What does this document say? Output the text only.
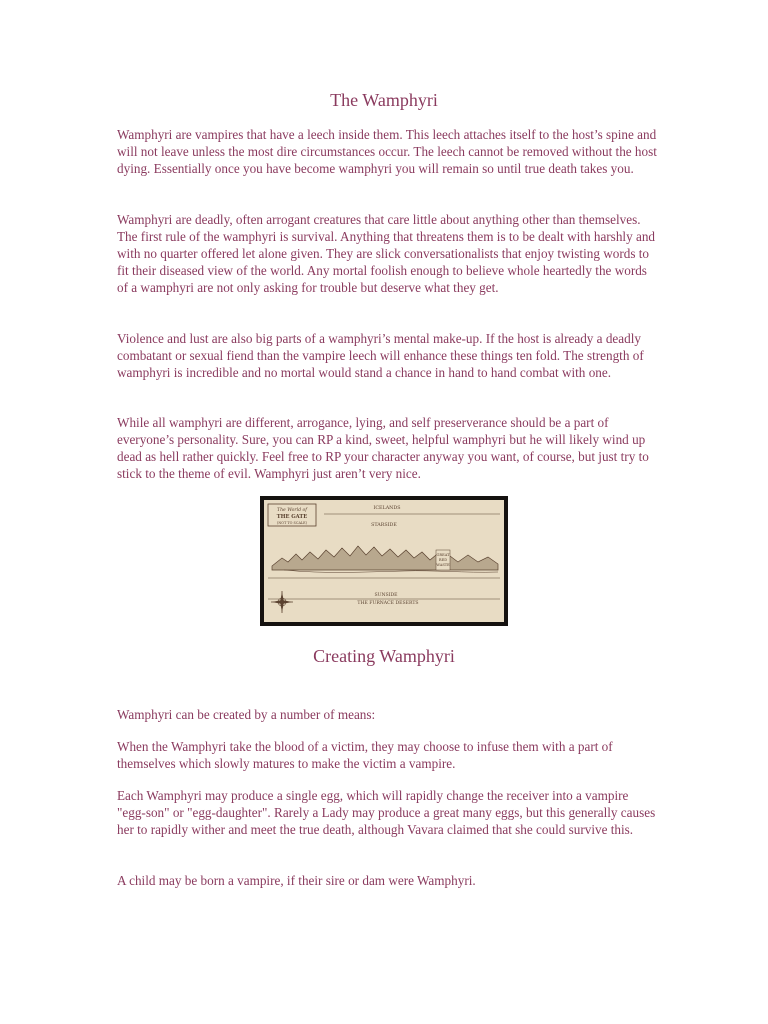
The Wamphyri

Wamphyri are vampires that have a leech inside them. This leech attaches itself to the host’s spine and will not leave unless the most dire circumstances occur. The leech cannot be removed without the host dying. Essentially once you have become wamphyri you will remain so until true death takes you.

Wamphyri are deadly, often arrogant creatures that care little about anything other than themselves. The first rule of the wamphyri is survival. Anything that threatens them is to be dealt with harshly and with no quarter offered let alone given. They are slick conversationalists that enjoy twisting words to fit their diseased view of the world. Any mortal foolish enough to believe whole heartedly the words of a wamphyri are not only asking for trouble but deserve what they get.

Violence and lust are also big parts of a wamphyri’s mental make-up. If the host is already a deadly combatant or sexual fiend than the vampire leech will enhance these things ten fold. The strength of wamphyri is incredible and no mortal would stand a chance in hand to hand combat with one.

While all wamphyri are different, arrogance, lying, and self preserverance should be a part of everyone’s personality. Sure, you can RP a kind, sweet, helpful wamphyri but he will likely wind up dead as hell rather quickly. Feel free to RP your character anyway you want, of course, but just try to stick to the theme of evil. Wamphyri just aren’t very nice.

The World of
THE GATE
(NOT TO SCALE)
ICELANDS
STARSIDE
SUNSIDE
THE FURNACE DESERTS
GREAT
RED
WASTE
Creating Wamphyri

Wamphyri can be created by a number of means:

When the Wamphyri take the blood of a victim, they may choose to infuse them with a part of themselves which slowly matures to make the victim a vampire.

Each Wamphyri may produce a single egg, which will rapidly change the receiver into a vampire "egg-son" or "egg-daughter". Rarely a Lady may produce a great many eggs, but this generally causes her to rapidly wither and meet the true death, although Vavara claimed that she could survive this.

A child may be born a vampire, if their sire or dam were Wamphyri.
